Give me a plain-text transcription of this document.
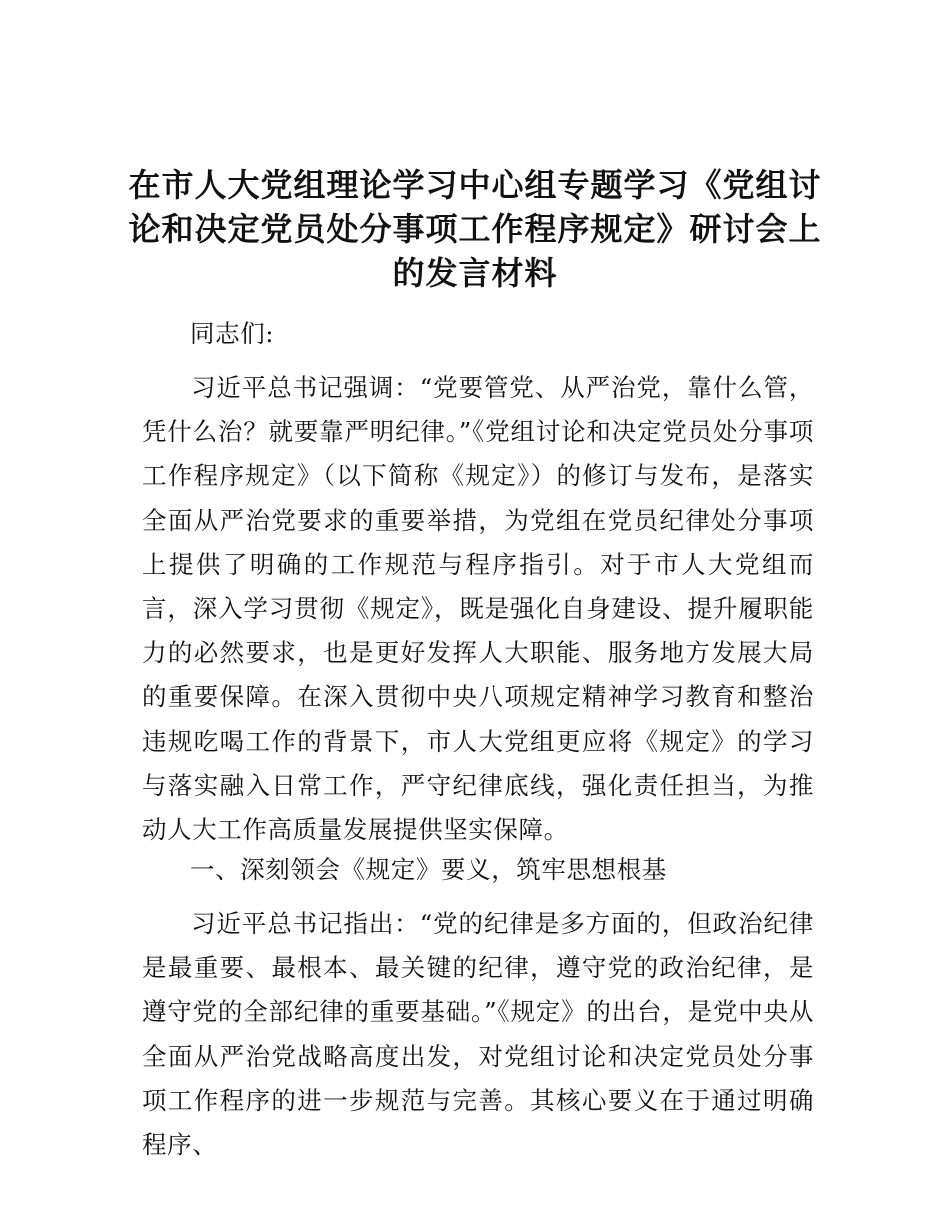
在市人大党组理论学习中心组专题学习《党组讨论和决定党员处分事项工作程序规定》研讨会上的发言材料
同志们:

习近平总书记强调：“党要管党、从严治党，靠什么管，凭什么治？就要靠严明纪律。”《党组讨论和决定党员处分事项工作程序规定》（以下简称《规定》）的修订与发布，是落实全面从严治党要求的重要举措，为党组在党员纪律处分事项上提供了明确的工作规范与程序指引。对于市人大党组而言，深入学习贯彻《规定》，既是强化自身建设、提升履职能力的必然要求，也是更好发挥人大职能、服务地方发展大局的重要保障。在深入贯彻中央八项规定精神学习教育和整治违规吃喝工作的背景下，市人大党组更应将《规定》的学习与落实融入日常工作，严守纪律底线，强化责任担当，为推动人大工作高质量发展提供坚实保障。

一、深刻领会《规定》要义，筑牢思想根基

习近平总书记指出：“党的纪律是多方面的，但政治纪律是最重要、最根本、最关键的纪律，遵守党的政治纪律，是遵守党的全部纪律的重要基础。”《规定》的出台，是党中央从全面从严治党战略高度出发，对党组讨论和决定党员处分事项工作程序的进一步规范与完善。其核心要义在于通过明确程序、
